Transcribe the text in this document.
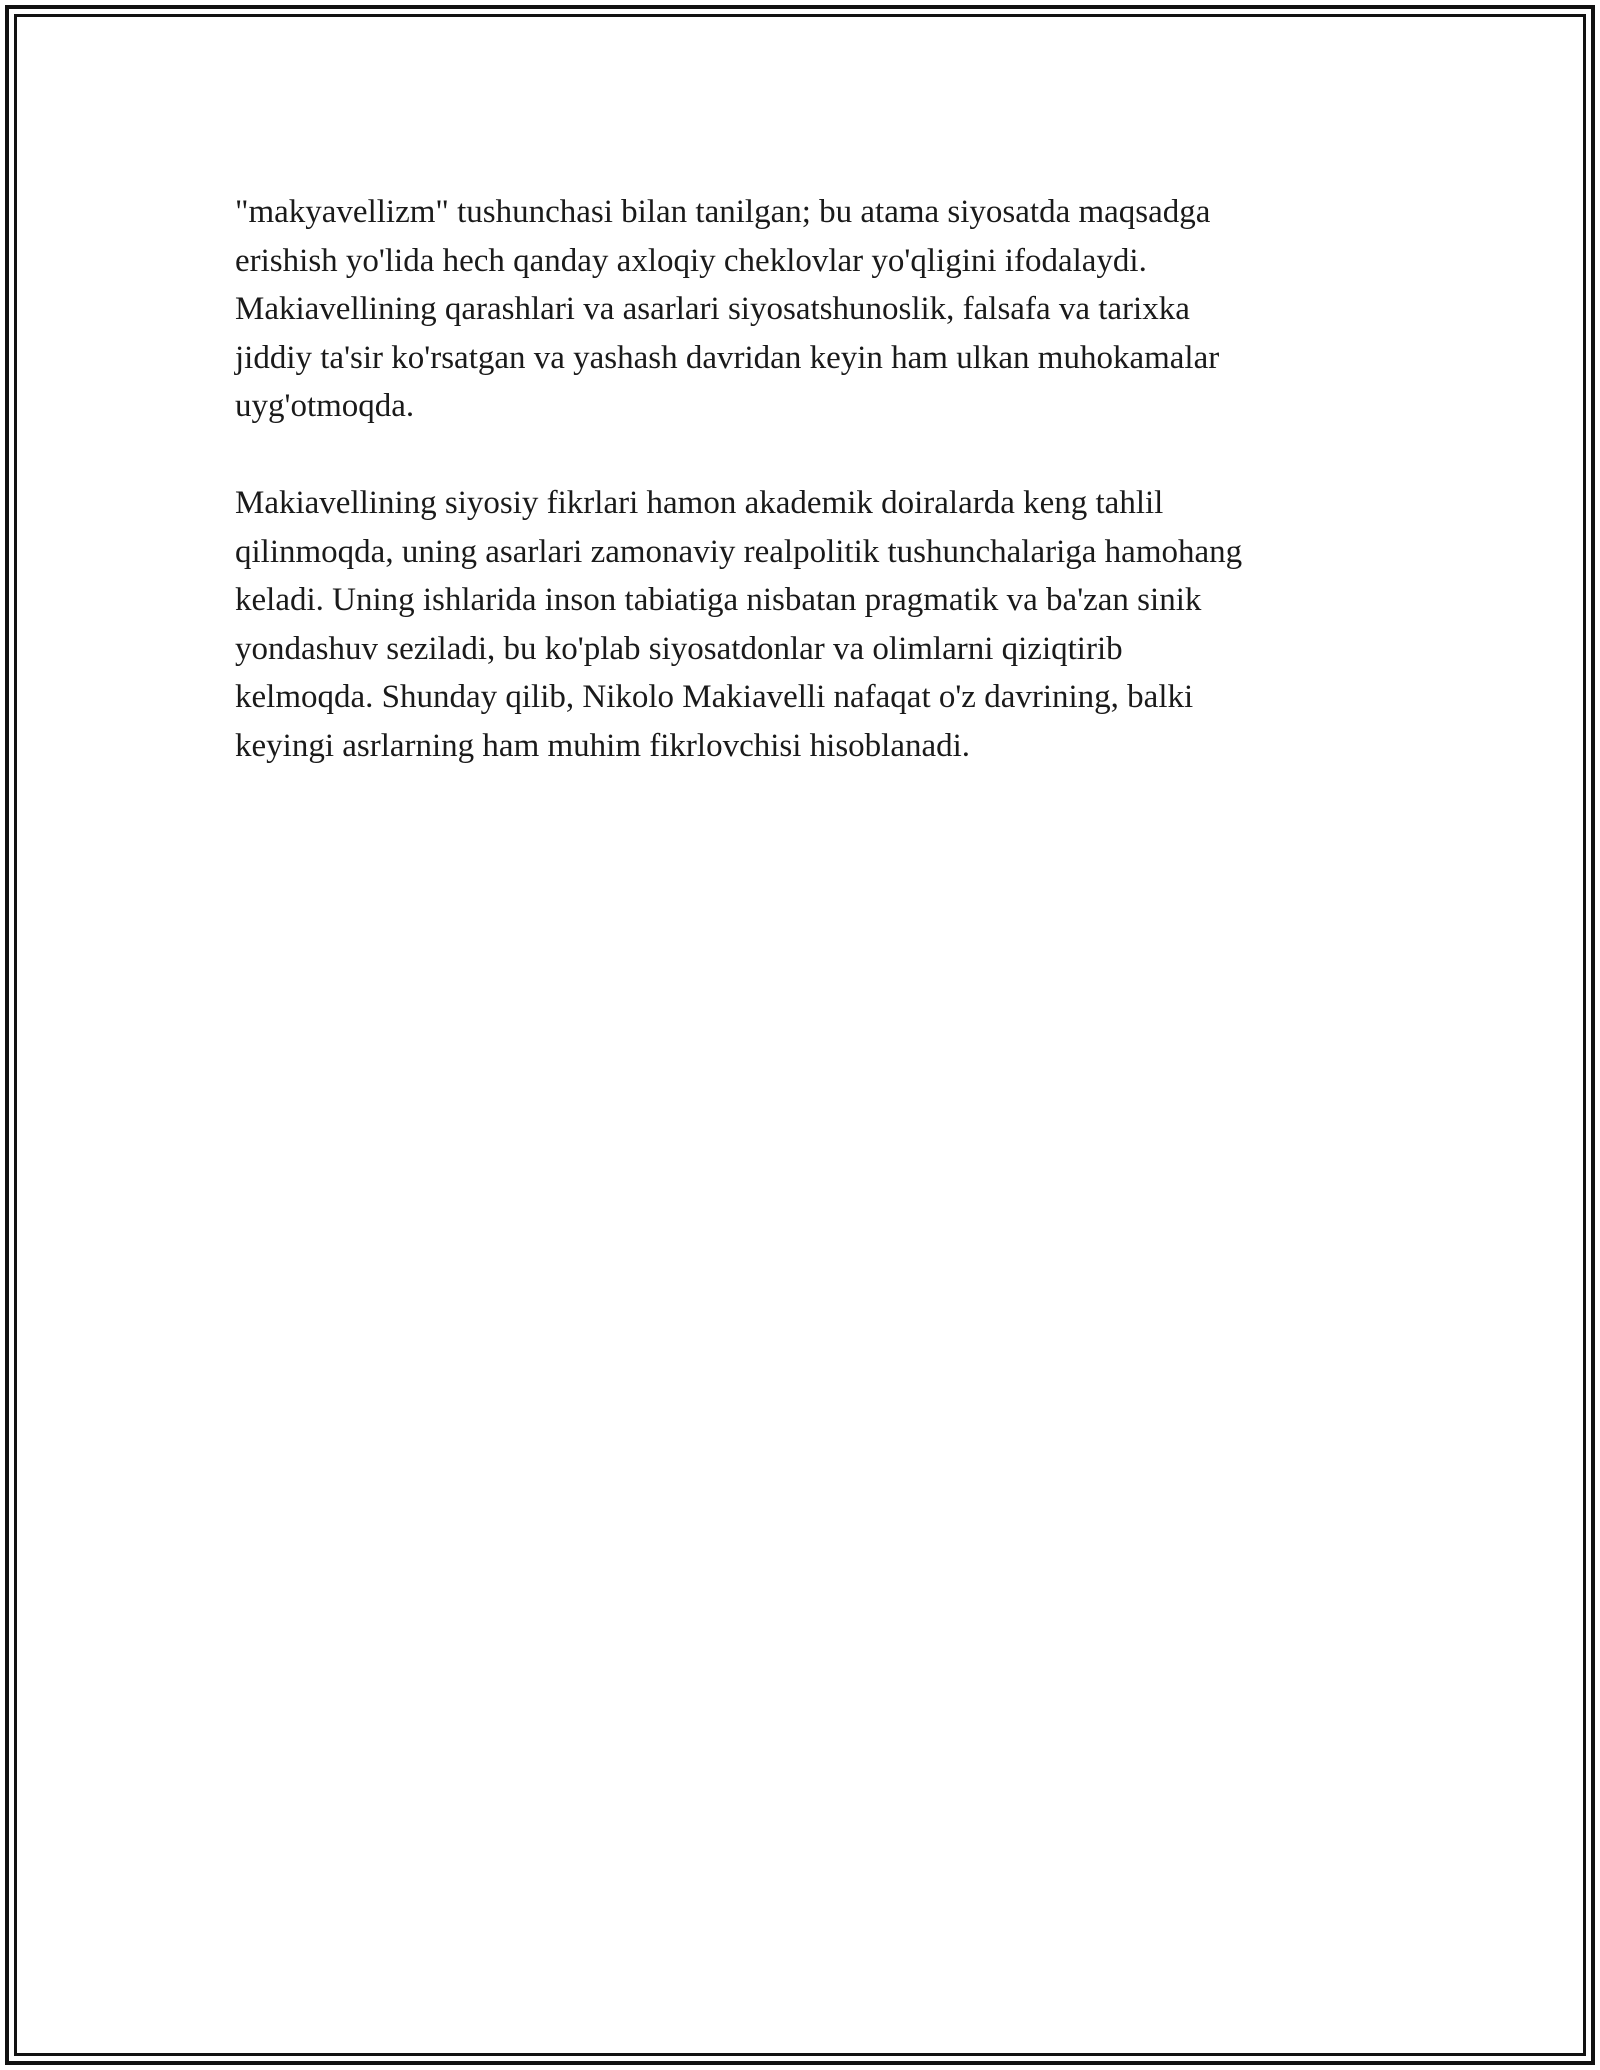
"makyavellizm" tushunchasi bilan tanilgan; bu atama siyosatda maqsadga
erishish yo'lida hech qanday axloqiy cheklovlar yo'qligini ifodalaydi.
Makiavellining qarashlari va asarlari siyosatshunoslik, falsafa va tarixka
jiddiy ta'sir ko'rsatgan va yashash davridan keyin ham ulkan muhokamalar
uyg'otmoqda.

Makiavellining siyosiy fikrlari hamon akademik doiralarda keng tahlil
qilinmoqda, uning asarlari zamonaviy realpolitik tushunchalariga hamohang
keladi. Uning ishlarida inson tabiatiga nisbatan pragmatik va ba'zan sinik
yondashuv seziladi, bu ko'plab siyosatdonlar va olimlarni qiziqtirib
kelmoqda. Shunday qilib, Nikolo Makiavelli nafaqat o'z davrining, balki
keyingi asrlarning ham muhim fikrlovchisi hisoblanadi.
